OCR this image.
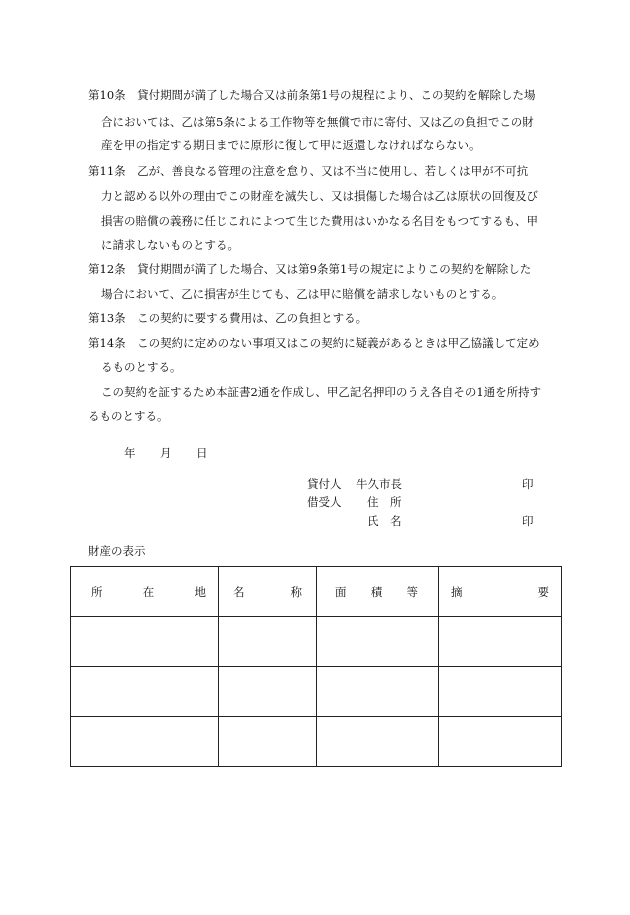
第10条　貸付期間が満了した場合又は前条第1号の規程により、この契約を解除した場
合においては、乙は第5条による工作物等を無償で市に寄付、又は乙の負担でこの財
産を甲の指定する期日までに原形に復して甲に返還しなければならない。
第11条　乙が、善良なる管理の注意を怠り、又は不当に使用し、若しくは甲が不可抗
力と認める以外の理由でこの財産を滅失し、又は損傷した場合は乙は原状の回復及び
損害の賠償の義務に任じこれによつて生じた費用はいかなる名目をもつてするも、甲
に請求しないものとする。
第12条　貸付期間が満了した場合、又は第9条第1号の規定によりこの契約を解除した
場合において、乙に損害が生じても、乙は甲に賠償を請求しないものとする。
第13条　この契約に要する費用は、乙の負担とする。
第14条　この契約に定めのない事項又はこの契約に疑義があるときは甲乙協議して定め
るものとする。
この契約を証するため本証書2通を作成し、甲乙記名押印のうえ各自その1通を所持す
るものとする。
年 月 日
貸付人 牛久市長	印
借受人 住　所
氏　名	印
財産の表示
所 在 地	名 称	面 積 等	摘 要
